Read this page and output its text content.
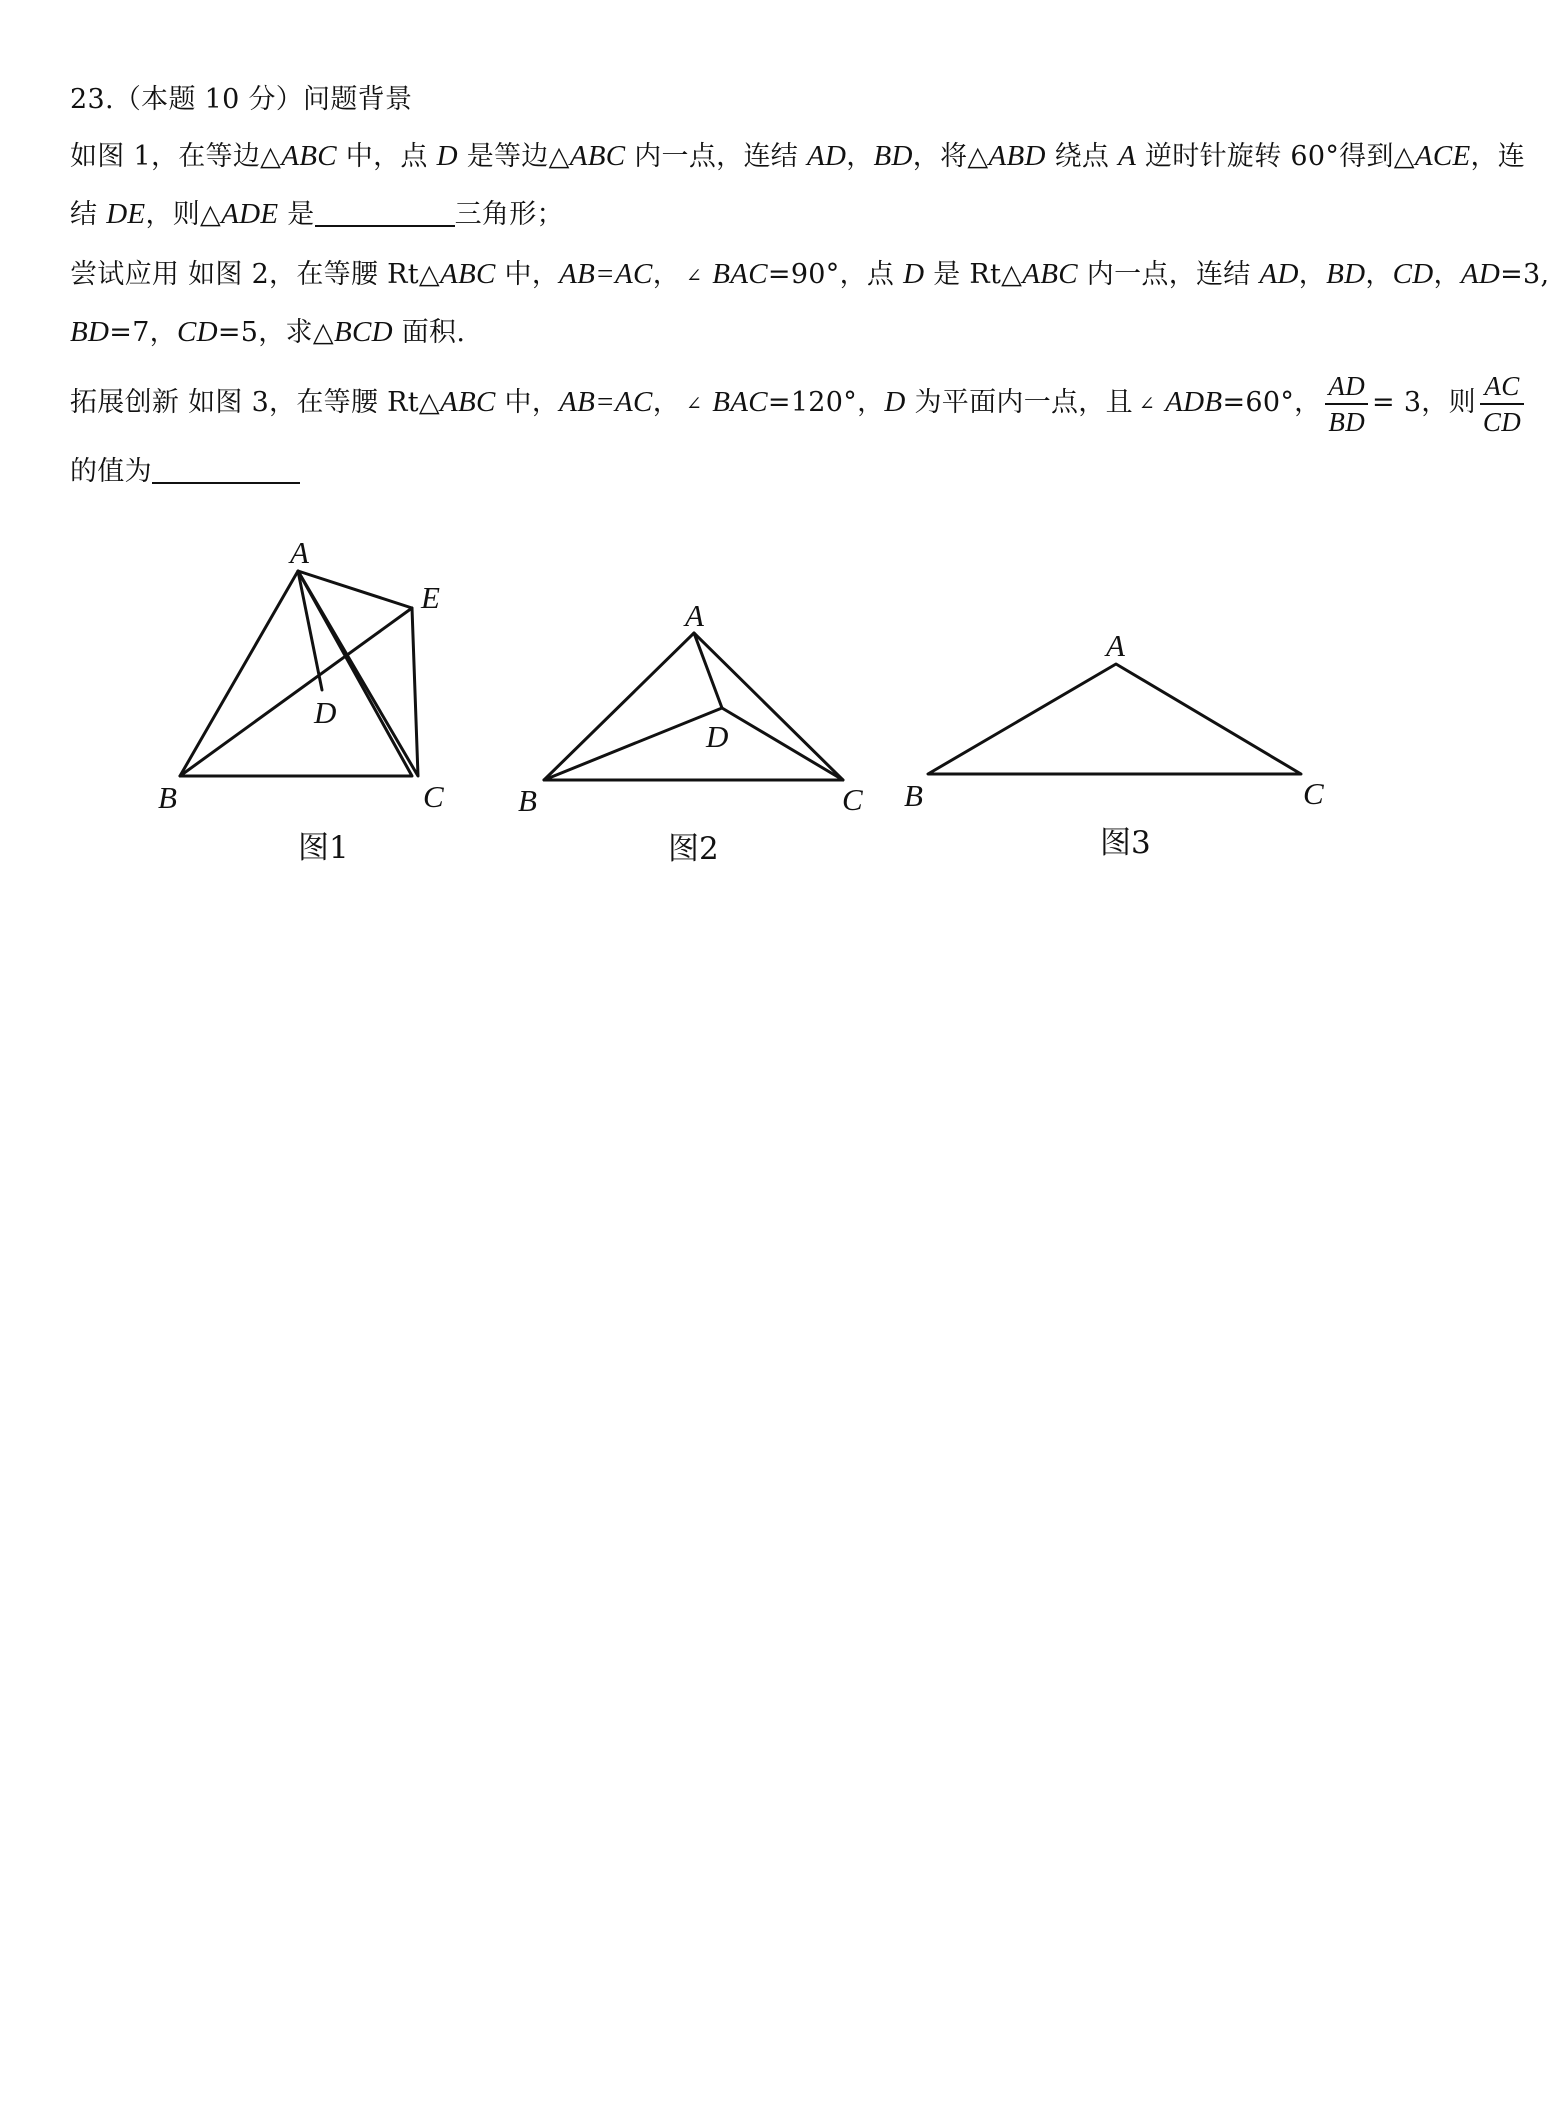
23.（本题 10 分）问题背景
如图 1，在等边△ABC 中，点 D 是等边△ABC 内一点，连结 AD，BD，将△ABD 绕点 A 逆时针旋转 60°得到△ACE，连
结 DE，则△ADE 是	三角形；
尝试应用 如图 2，在等腰 Rt△ABC 中，AB=AC， ∠ BAC=90°，点 D 是 Rt△ABC 内一点，连结 AD，BD，CD，AD=3,
BD=7，CD=5，求△BCD 面积.
拓展创新 如图 3，在等腰 Rt△ABC 中，AB=AC， ∠ BAC=120°，D 为平面内一点，且 ∠ ADB=60°， $\frac{AD}{BD} = 3$，则 $\frac{AC}{CD}$
的值为
A
E
D
B	C
A
D
B	C
A
B	C
图1	图2	图3
